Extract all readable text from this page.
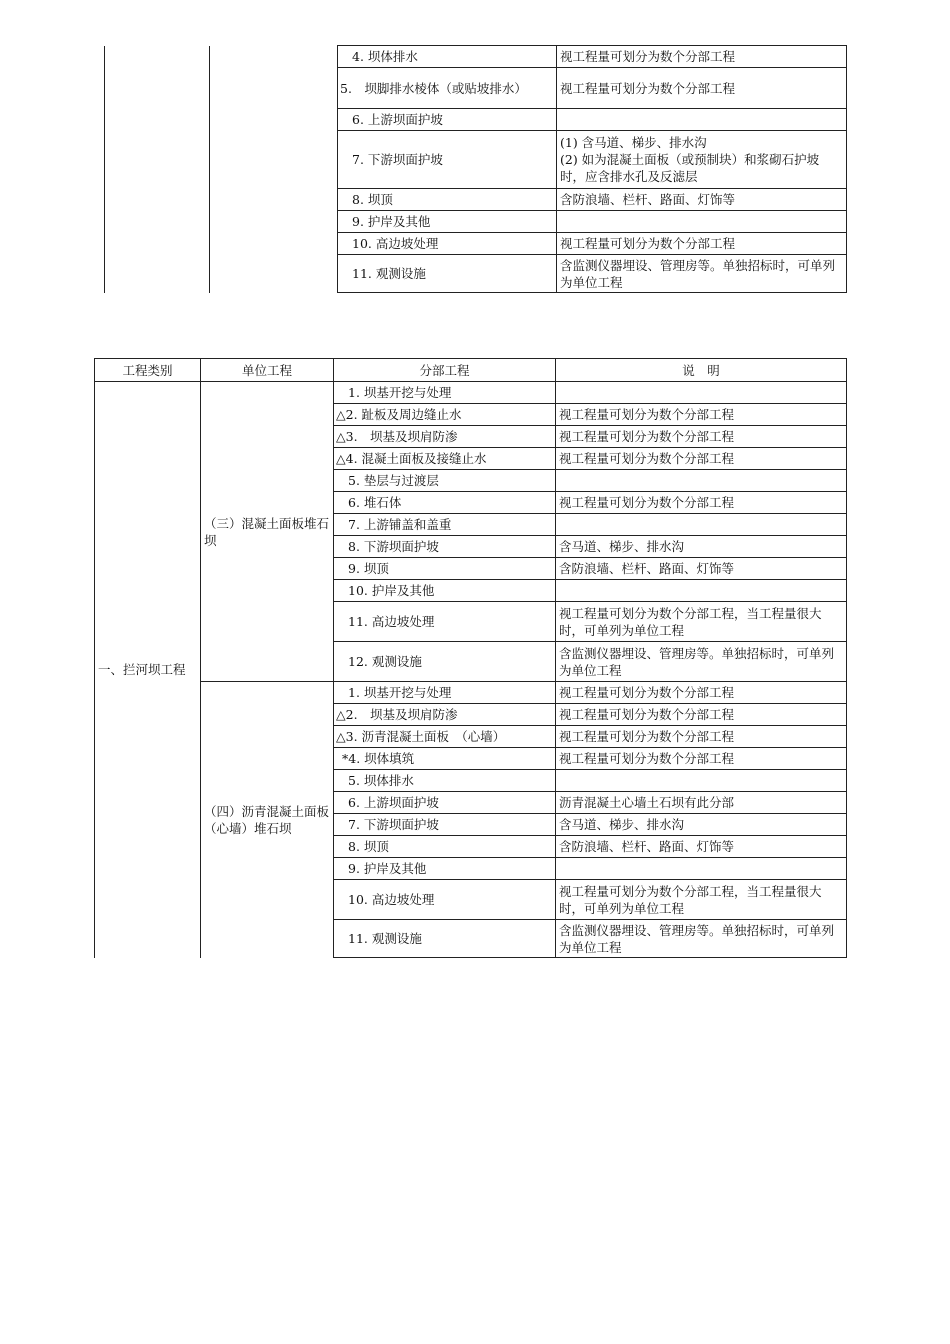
		4. 坝体排水	视工程量可划分为数个分部工程
		5.　坝脚排水棱体（或贴坡排水）	视工程量可划分为数个分部工程
		6. 上游坝面护坡	
		7. 下游坝面护坡	(1) 含马道、梯步、排水沟
(2) 如为混凝土面板（或预制块）和浆砌石护坡时，应含排水孔及反滤层

		8. 坝顶	含防浪墙、栏杆、路面、灯饰等
		9. 护岸及其他	
		10. 高边坡处理	视工程量可划分为数个分部工程
		11. 观测设施	含监测仪器埋设、管理房等。单独招标时，可单列为单位工程
工程类别	单位工程	分部工程	说　明
一、拦河坝工程	（三）混凝土面板堆石坝	1. 坝基开挖与处理	
		△2. 趾板及周边缝止水	视工程量可划分为数个分部工程
		△3.　坝基及坝肩防渗	视工程量可划分为数个分部工程
		△4. 混凝土面板及接缝止水	视工程量可划分为数个分部工程
		5. 垫层与过渡层	
		6. 堆石体	视工程量可划分为数个分部工程
		7. 上游铺盖和盖重	
		8. 下游坝面护坡	含马道、梯步、排水沟
		9. 坝顶	含防浪墙、栏杆、路面、灯饰等
		10. 护岸及其他	
		11. 高边坡处理	视工程量可划分为数个分部工程，当工程量很大时，可单列为单位工程
		12. 观测设施	含监测仪器埋设、管理房等。单独招标时，可单列为单位工程
	（四）沥青混凝土面板（心墙）堆石坝	1. 坝基开挖与处理	视工程量可划分为数个分部工程
		△2.　坝基及坝肩防渗	视工程量可划分为数个分部工程
		△3. 沥青混凝土面板　（心墙）	视工程量可划分为数个分部工程
		*4. 坝体填筑	视工程量可划分为数个分部工程
		5. 坝体排水	
		6. 上游坝面护坡	沥青混凝土心墙土石坝有此分部
		7. 下游坝面护坡	含马道、梯步、排水沟
		8. 坝顶	含防浪墙、栏杆、路面、灯饰等
		9. 护岸及其他	
		10. 高边坡处理	视工程量可划分为数个分部工程，当工程量很大时，可单列为单位工程
		11. 观测设施	含监测仪器埋设、管理房等。单独招标时，可单列为单位工程
